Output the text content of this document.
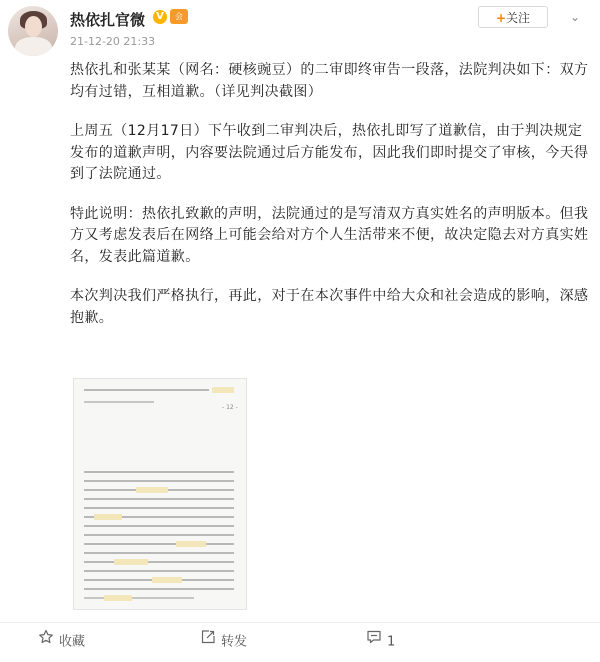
热依扎官微	V	会
21-12-20 21:33
+关注	⌄

热依扎和张某某（网名：硬核豌豆）的二审即终审告一段落，法院判决如下：双方均有过错，互相道歉。（详见判决截图）

上周五（12月17日）下午收到二审判决后，热依扎即写了道歉信，由于判决规定发布的道歉声明，内容要法院通过后方能发布，因此我们即时提交了审核，今天得到了法院通过。

特此说明：热依扎致歉的声明，法院通过的是写清双方真实姓名的声明版本。但我方又考虑发表后在网络上可能会给对方个人生活带来不便，故决定隐去对方真实姓名，发表此篇道歉。

本次判决我们严格执行，再此，对于在本次事件中给大众和社会造成的影响，深感抱歉。

- 12 -
收藏	转发	1
